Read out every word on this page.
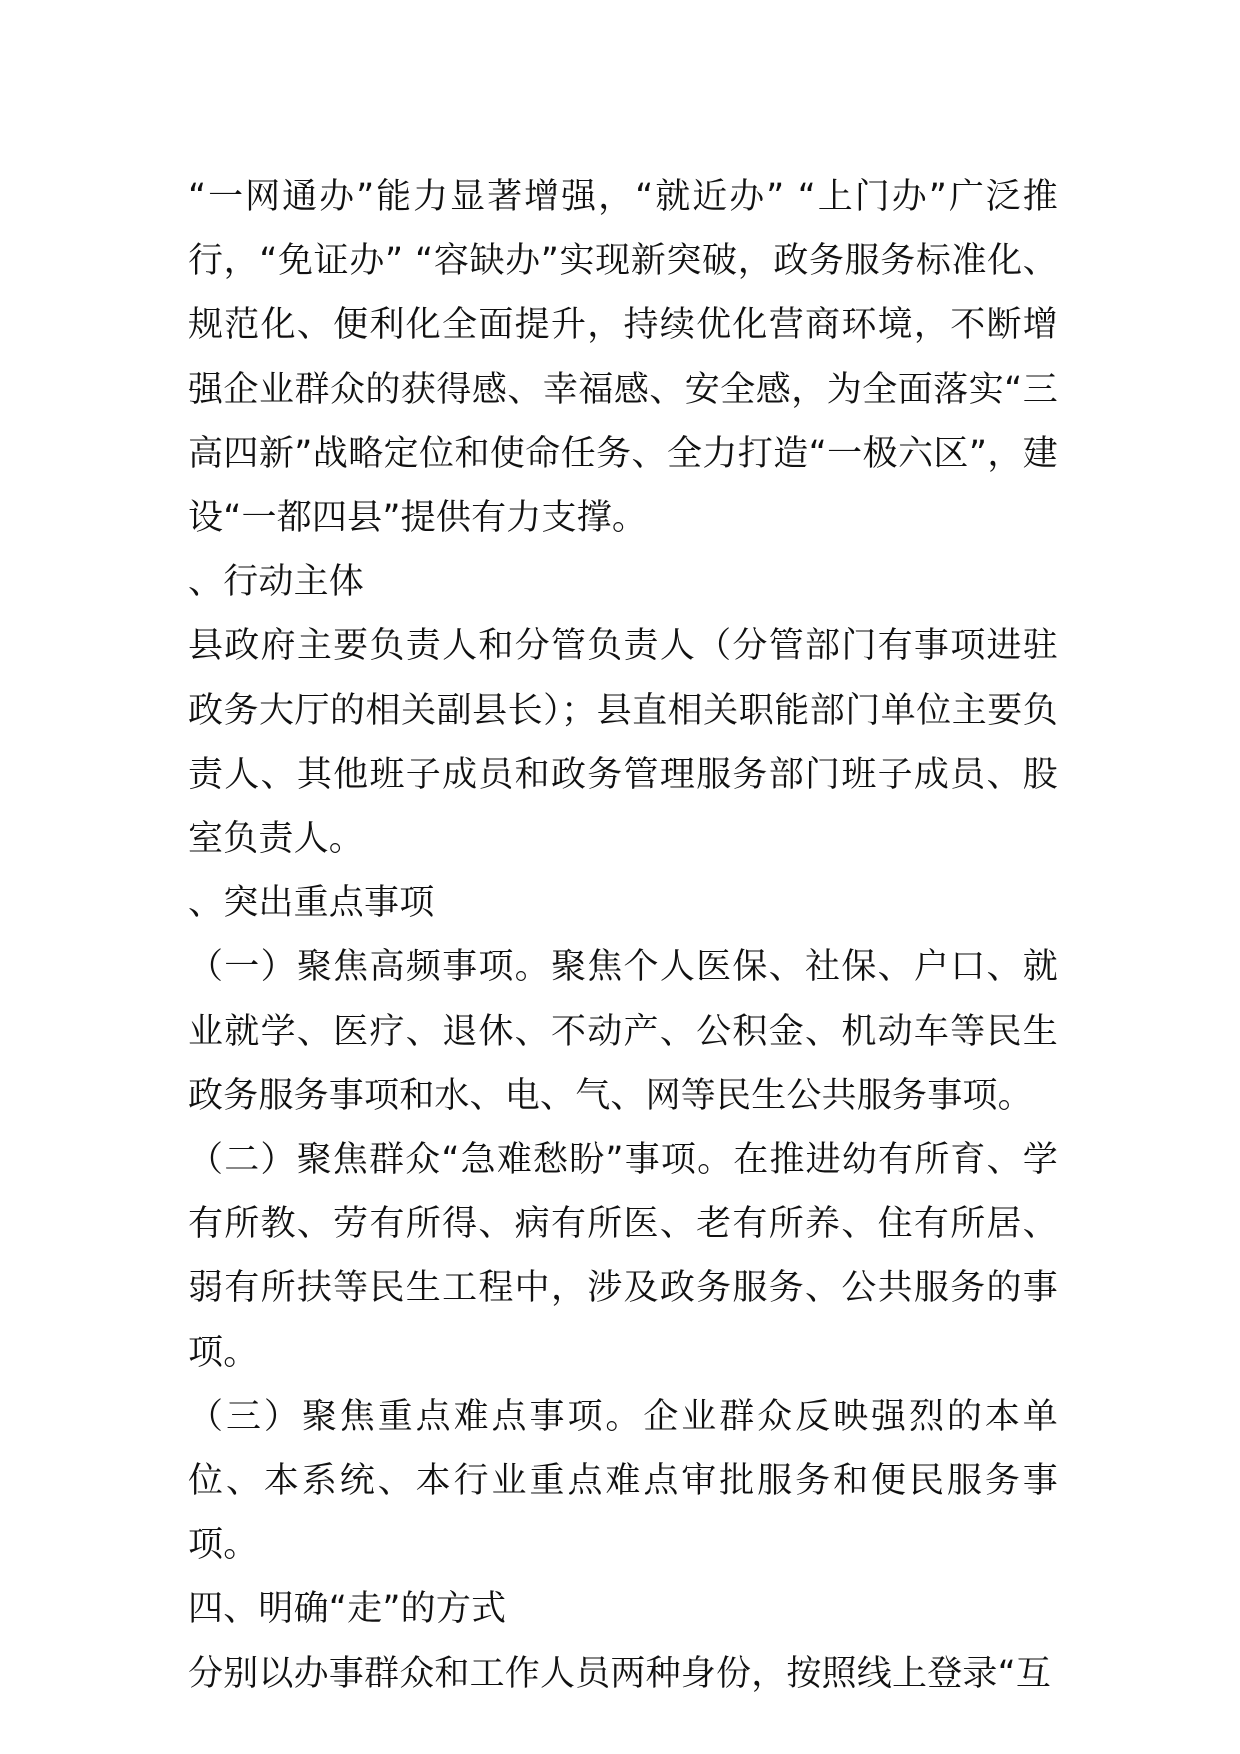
“一网通办”能力显著增强，“就近办” “上门办”广泛推行，“免证办” “容缺办”实现新突破，政务服务标准化、规范化、便利化全面提升，持续优化营商环境，不断增强企业群众的获得感、幸福感、安全感，为全面落实“三高四新”战略定位和使命任务、全力打造“一极六区”，建设“一都四县”提供有力支撑。

、行动主体

县政府主要负责人和分管负责人（分管部门有事项进驻政务大厅的相关副县长）；县直相关职能部门单位主要负责人、其他班子成员和政务管理服务部门班子成员、股室负责人。

、突出重点事项

（一）聚焦高频事项。聚焦个人医保、社保、户口、就业就学、医疗、退休、不动产、公积金、机动车等民生政务服务事项和水、电、气、网等民生公共服务事项。

（二）聚焦群众“急难愁盼”事项。在推进幼有所育、学有所教、劳有所得、病有所医、老有所养、住有所居、弱有所扶等民生工程中，涉及政务服务、公共服务的事项。

（三）聚焦重点难点事项。企业群众反映强烈的本单位、本系统、本行业重点难点审批服务和便民服务事项。

四、明确“走”的方式

分别以办事群众和工作人员两种身份，按照线上登录“互
